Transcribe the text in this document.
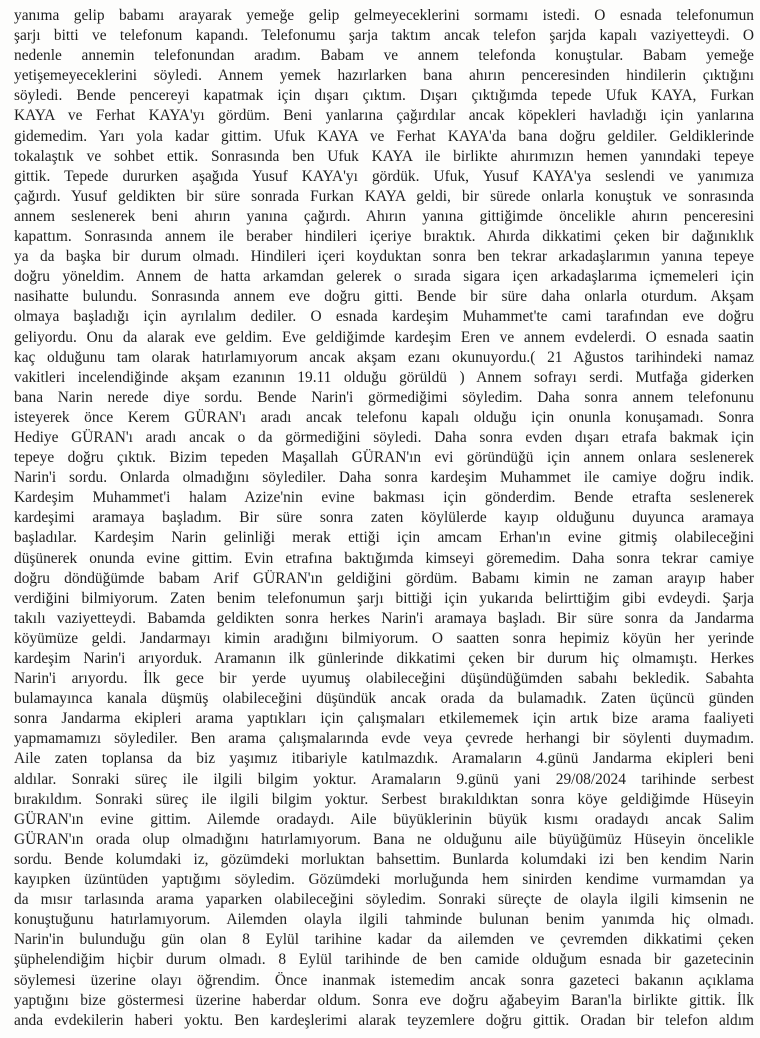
yanıma gelip babamı arayarak yemeğe gelip gelmeyeceklerini sormamı istedi. O esnada telefonumun
şarjı bitti ve telefonum kapandı. Telefonumu şarja taktım ancak telefon şarjda kapalı vaziyetteydi. O
nedenle annemin telefonundan aradım. Babam ve annem telefonda konuştular. Babam yemeğe
yetişemeyeceklerini söyledi. Annem yemek hazırlarken bana ahırın penceresinden hindilerin çıktığını
söyledi. Bende pencereyi kapatmak için dışarı çıktım. Dışarı çıktığımda tepede Ufuk KAYA, Furkan
KAYA ve Ferhat KAYA'yı gördüm. Beni yanlarına çağırdılar ancak köpekleri havladığı için yanlarına
gidemedim. Yarı yola kadar gittim. Ufuk KAYA ve Ferhat KAYA'da bana doğru geldiler. Geldiklerinde
tokalaştık ve sohbet ettik. Sonrasında ben Ufuk KAYA ile birlikte ahırımızın hemen yanındaki tepeye
gittik. Tepede dururken aşağıda Yusuf KAYA'yı gördük. Ufuk, Yusuf KAYA'ya seslendi ve yanımıza
çağırdı. Yusuf geldikten bir süre sonrada Furkan KAYA geldi, bir sürede onlarla konuştuk ve sonrasında
annem seslenerek beni ahırın yanına çağırdı. Ahırın yanına gittiğimde öncelikle ahırın penceresini
kapattım. Sonrasında annem ile beraber hindileri içeriye bıraktık. Ahırda dikkatimi çeken bir dağınıklık
ya da başka bir durum olmadı. Hindileri içeri koyduktan sonra ben tekrar arkadaşlarımın yanına tepeye
doğru yöneldim. Annem de hatta arkamdan gelerek o sırada sigara içen arkadaşlarıma içmemeleri için
nasihatte bulundu. Sonrasında annem eve doğru gitti. Bende bir süre daha onlarla oturdum. Akşam
olmaya başladığı için ayrılalım dediler. O esnada kardeşim Muhammet'te cami tarafından eve doğru
geliyordu. Onu da alarak eve geldim. Eve geldiğimde kardeşim Eren ve annem evdelerdi. O esnada saatin
kaç olduğunu tam olarak hatırlamıyorum ancak akşam ezanı okunuyordu.( 21 Ağustos tarihindeki namaz
vakitleri incelendiğinde akşam ezanının 19.11 olduğu görüldü ) Annem sofrayı serdi. Mutfağa giderken
bana Narin nerede diye sordu. Bende Narin'i görmediğimi söyledim. Daha sonra annem telefonunu
isteyerek önce Kerem GÜRAN'ı aradı ancak telefonu kapalı olduğu için onunla konuşamadı. Sonra
Hediye GÜRAN'ı aradı ancak o da görmediğini söyledi. Daha sonra evden dışarı etrafa bakmak için
tepeye doğru çıktık. Bizim tepeden Maşallah GÜRAN'ın evi göründüğü için annem onlara seslenerek
Narin'i sordu. Onlarda olmadığını söylediler. Daha sonra kardeşim Muhammet ile camiye doğru indik.
Kardeşim Muhammet'i halam Azize'nin evine bakması için gönderdim. Bende etrafta seslenerek
kardeşimi aramaya başladım. Bir süre sonra zaten köylülerde kayıp olduğunu duyunca aramaya
başladılar. Kardeşim Narin gelinliği merak ettiği için amcam Erhan'ın evine gitmiş olabileceğini
düşünerek onunda evine gittim. Evin etrafına baktığımda kimseyi göremedim. Daha sonra tekrar camiye
doğru döndüğümde babam Arif GÜRAN'ın geldiğini gördüm. Babamı kimin ne zaman arayıp haber
verdiğini bilmiyorum. Zaten benim telefonumun şarjı bittiği için yukarıda belirttiğim gibi evdeydi. Şarja
takılı vaziyetteydi. Babamda geldikten sonra herkes Narin'i aramaya başladı. Bir süre sonra da Jandarma
köyümüze geldi. Jandarmayı kimin aradığını bilmiyorum. O saatten sonra hepimiz köyün her yerinde
kardeşim Narin'i arıyorduk. Aramanın ilk günlerinde dikkatimi çeken bir durum hiç olmamıştı. Herkes
Narin'i arıyordu. İlk gece bir yerde uyumuş olabileceğini düşündüğümden sabahı bekledik. Sabahta
bulamayınca kanala düşmüş olabileceğini düşündük ancak orada da bulamadık. Zaten üçüncü günden
sonra Jandarma ekipleri arama yaptıkları için çalışmaları etkilememek için artık bize arama faaliyeti
yapmamamızı söylediler. Ben arama çalışmalarında evde veya çevrede herhangi bir söylenti duymadım.
Aile zaten toplansa da biz yaşımız itibariyle katılmazdık. Aramaların 4.günü Jandarma ekipleri beni
aldılar. Sonraki süreç ile ilgili bilgim yoktur. Aramaların 9.günü yani 29/08/2024 tarihinde serbest
bırakıldım. Sonraki süreç ile ilgili bilgim yoktur. Serbest bırakıldıktan sonra köye geldiğimde Hüseyin
GÜRAN'ın evine gittim. Ailemde oradaydı. Aile büyüklerinin büyük kısmı oradaydı ancak Salim
GÜRAN'ın orada olup olmadığını hatırlamıyorum. Bana ne olduğunu aile büyüğümüz Hüseyin öncelikle
sordu. Bende kolumdaki iz, gözümdeki morluktan bahsettim. Bunlarda kolumdaki izi ben kendim Narin
kayıpken üzüntüden yaptığımı söyledim. Gözümdeki morluğunda hem sinirden kendime vurmamdan ya
da mısır tarlasında arama yaparken olabileceğini söyledim. Sonraki süreçte de olayla ilgili kimsenin ne
konuştuğunu hatırlamıyorum. Ailemden olayla ilgili tahminde bulunan benim yanımda hiç olmadı.
Narin'in bulunduğu gün olan 8 Eylül tarihine kadar da ailemden ve çevremden dikkatimi çeken
şüphelendiğim hiçbir durum olmadı. 8 Eylül tarihinde de ben camide olduğum esnada bir gazetecinin
söylemesi üzerine olayı öğrendim. Önce inanmak istemedim ancak sonra gazeteci bakanın açıklama
yaptığını bize göstermesi üzerine haberdar oldum. Sonra eve doğru ağabeyim Baran'la birlikte gittik. İlk
anda evdekilerin haberi yoktu. Ben kardeşlerimi alarak teyzemlere doğru gittik. Oradan bir telefon aldım
